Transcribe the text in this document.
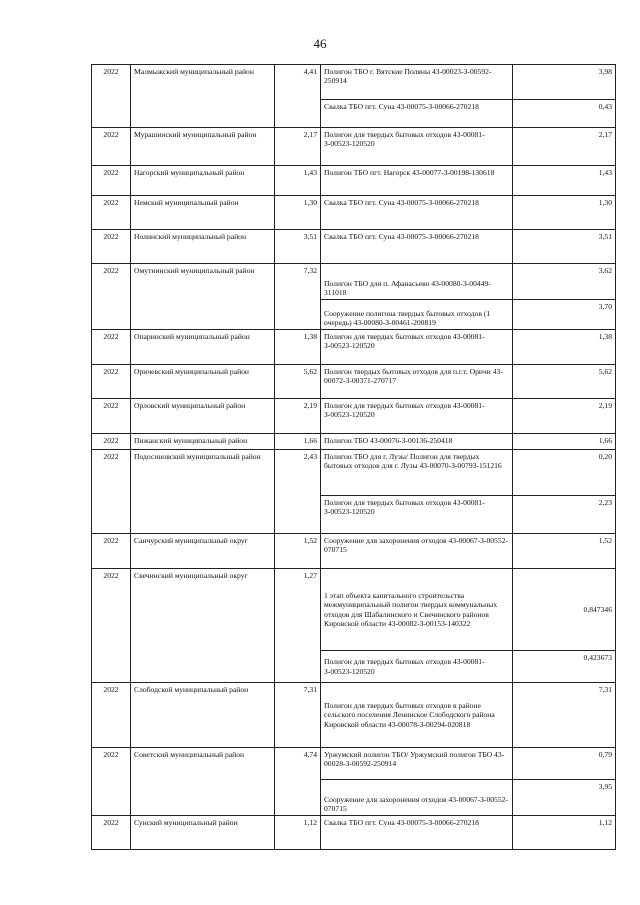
46
2022	Малмыжский муниципальный район	4,41	Полигон ТБО г. Вятские Поляны 43-00023-З-00592-250914	3,98
			Свалка ТБО пгт. Суна 43-00075-З-00066-270218	0,43
2022	Мурашинский муниципальный район	2,17	Полигон для твердых бытовых отходов 43-00081-З-00523-120520	2,17
2022	Нагорский муниципальный район	1,43	Полигон ТБО пгт. Нагорск 43-00077-З-00198-130618	1,43
2022	Немский муниципальный район	1,30	Свалка ТБО пгт. Суна 43-00075-З-00066-270218	1,30
2022	Нолинский муниципальный район	3,51	Свалка ТБО пгт. Суна 43-00075-З-00066-270218	3,51
2022	Омутнинский муниципальный район	7,32	Полигон ТБО для п. Афанасьево 43-00080-З-00449-311018	3,62
			Сооружение полигона твердых бытовых отходов (1 очередь) 43-00080-З-00461-200819	3,70
2022	Опаринский муниципальный район	1,38	Полигон для твердых бытовых отходов 43-00081-З-00523-120520	1,38
2022	Оричевский муниципальный район	5,62	Полигон твердых бытовых отходов для п.г.т. Оричи 43-00072-З-00371-270717	5,62
2022	Орловский муниципальный район	2,19	Полигон для твердых бытовых отходов 43-00081-З-00523-120520	2,19
2022	Пижанский муниципальный район	1,66	Полигон ТБО 43-00076-З-00136-250418	1,66
2022	Подосиновский муниципальный район	2,43	Полигон ТБО для г. Лузы/ Полигон для твердых бытовых отходов для г. Лузы 43-00070-З-00793-151216	0,20
			Полигон для твердых бытовых отходов 43-00081-З-00523-120520	2,23
2022	Санчурский муниципальный округ	1,52	Сооружение для захоронения отходов 43-00067-З-00552-070715	1,52
2022	Свечинский муниципальный округ	1,27	1 этап объекта капитального строительства межмуниципальный полигон твердых коммунальных отходов для Шабалинского и Свечинского районов Кировской области 43-00082-З-00153-140322	0,847346
			Полигон для твердых бытовых отходов 43-00081-З-00523-120520	0,423673
2022	Слободской муниципальный район	7,31	Полигон для твердых бытовых отходов в районе сельского поселения Ленинское Слободского района Кировской области 43-00078-З-00294-020818	7,31
2022	Советский муниципальный район	4,74	Уржумский полигон ТБО/ Уржумский полигон ТБО 43-00028-З-00592-250914	0,79
			Сооружение для захоронения отходов 43-00067-З-00552-070715	3,95
2022	Сунский муниципальный район	1,12	Свалка ТБО пгт. Суна 43-00075-З-00066-270218	1,12
